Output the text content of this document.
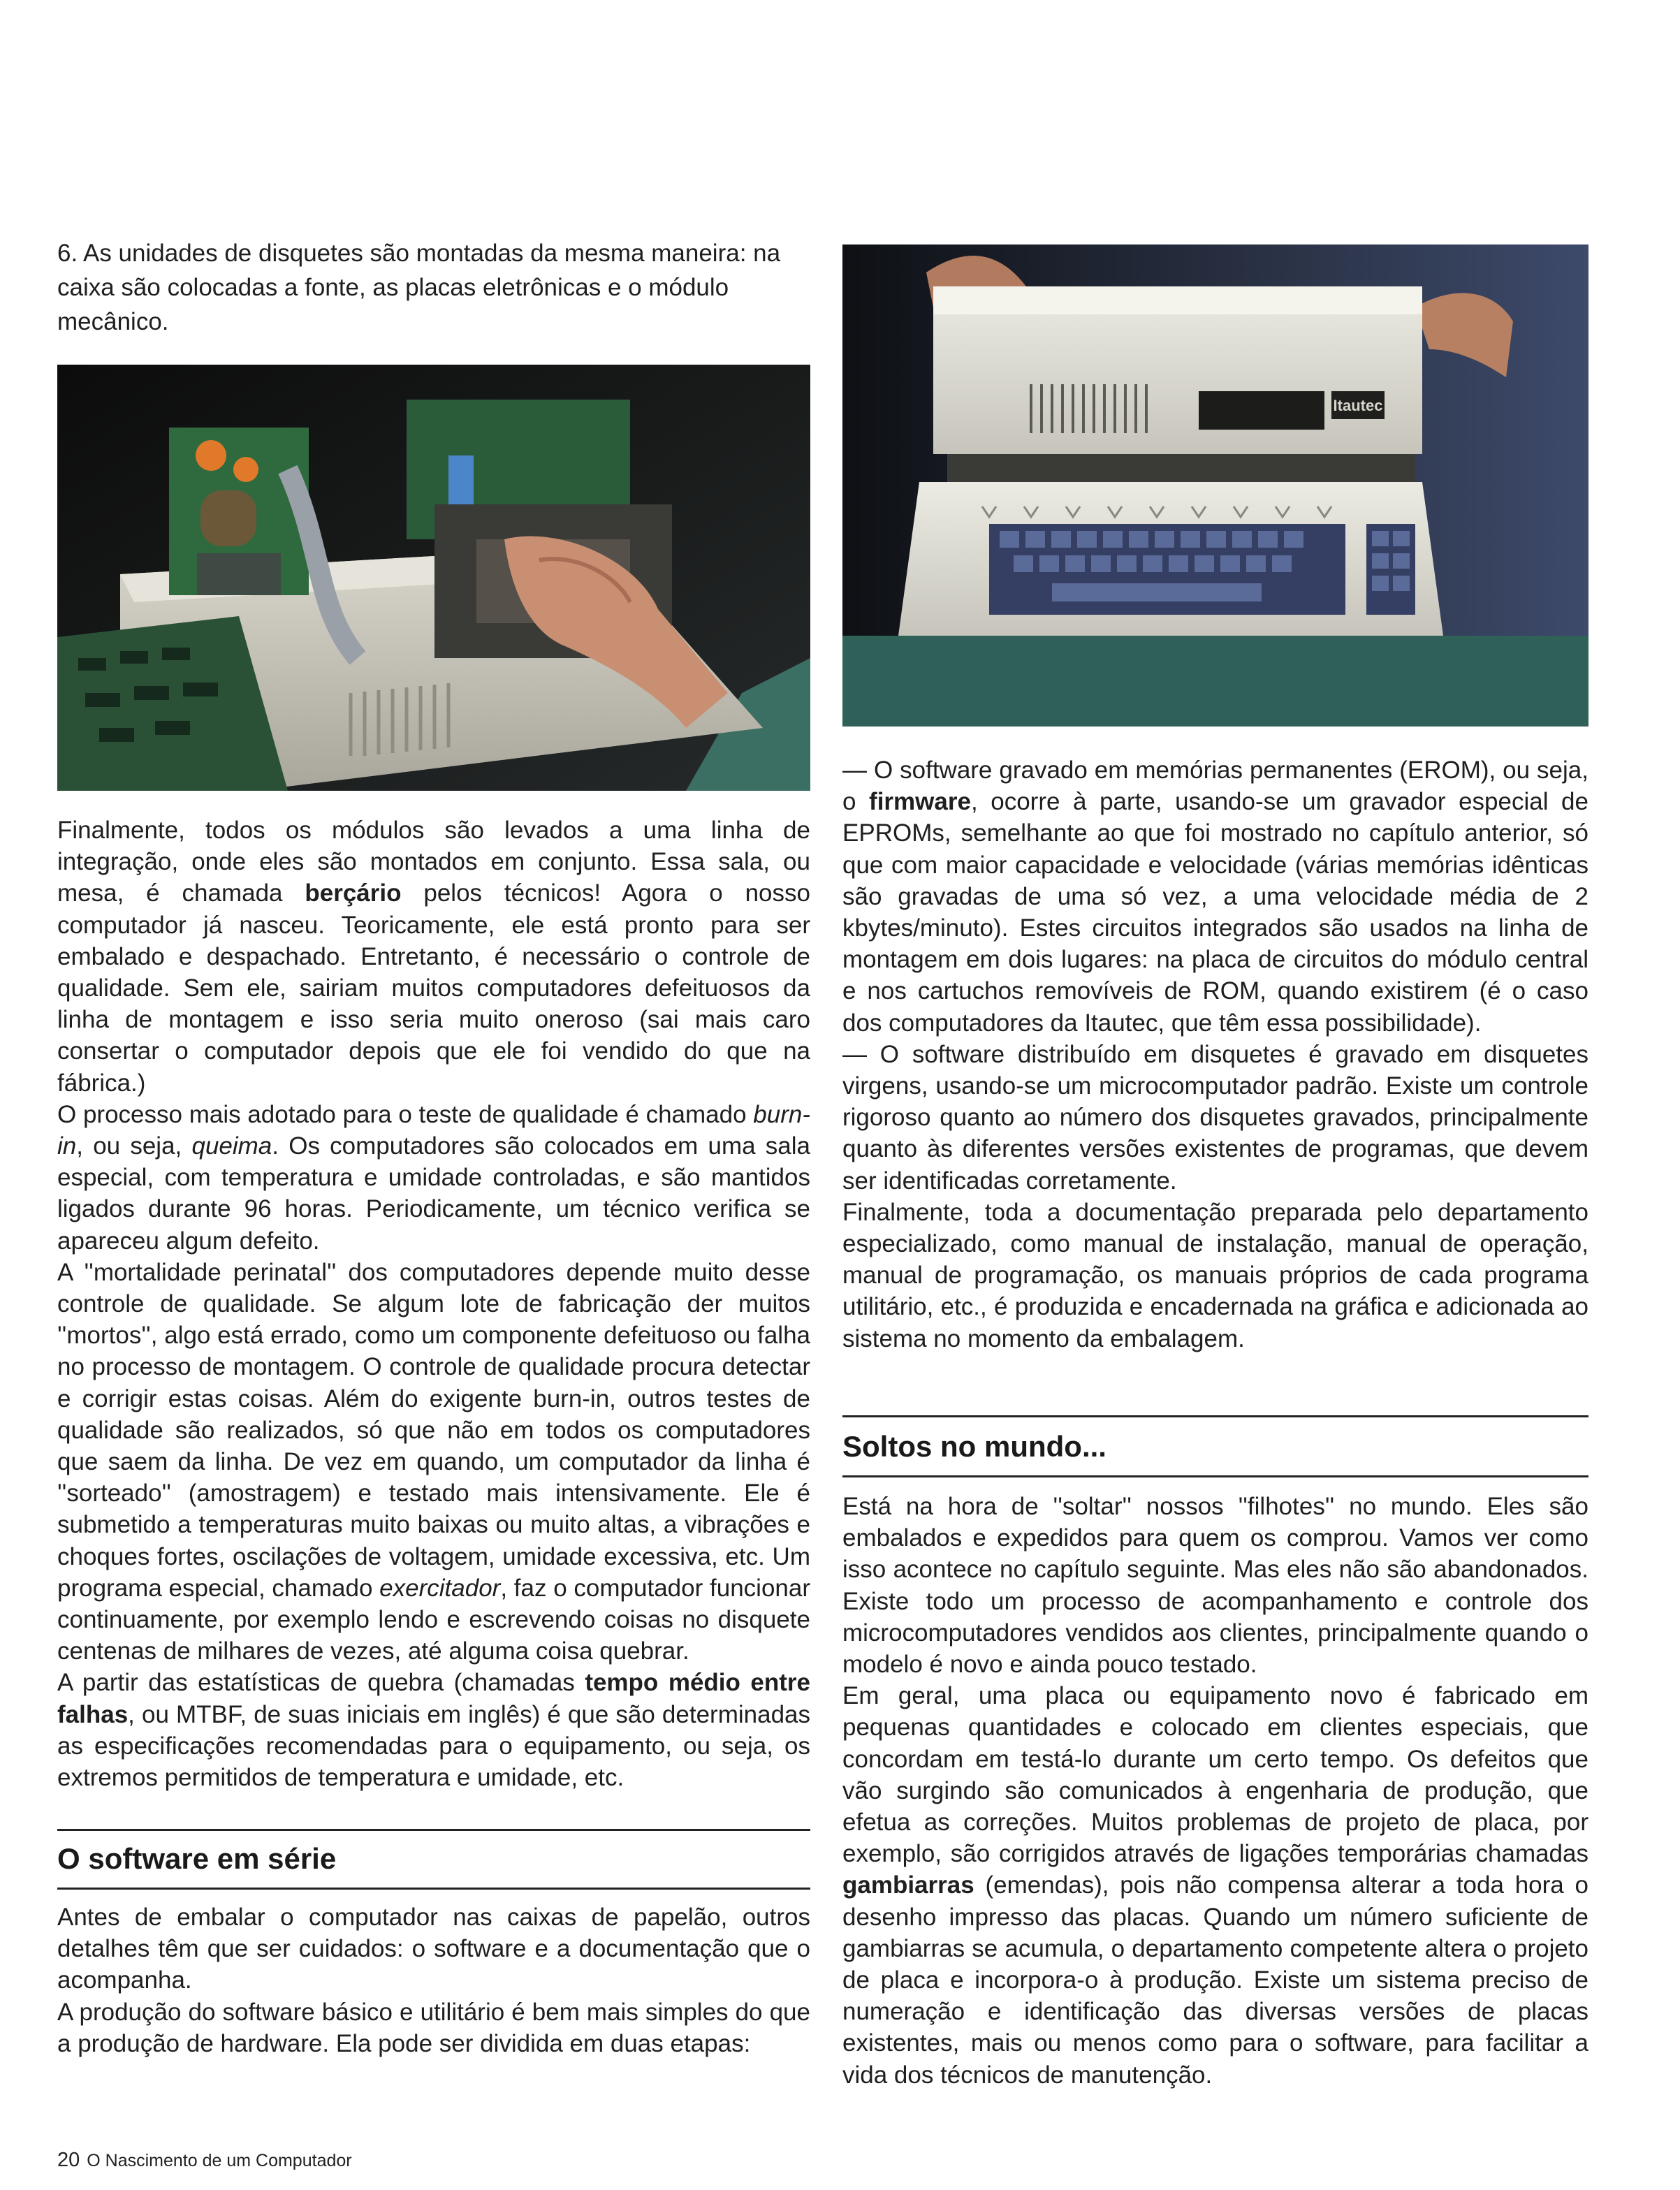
6. As unidades de disquetes são montadas da mesma maneira: na caixa são colocadas a fonte, as placas eletrônicas e o módulo mecânico.
Itautec

Finalmente, todos os módulos são levados a uma linha de integração, onde eles são montados em conjunto. Essa sala, ou mesa, é chamada berçário pelos técnicos! Agora o nosso computador já nasceu. Teoricamente, ele está pronto para ser embalado e despachado. Entretanto, é necessário o controle de qualidade. Sem ele, sairiam muitos computadores defeituosos da linha de montagem e isso seria muito oneroso (sai mais caro consertar o computador depois que ele foi vendido do que na fábrica.)

O processo mais adotado para o teste de qualidade é chamado burn-in, ou seja, queima. Os computadores são colocados em uma sala especial, com temperatura e umidade controladas, e são mantidos ligados durante 96 horas. Periodicamente, um técnico verifica se apareceu algum defeito.

A ''mortalidade perinatal'' dos computadores depende muito desse controle de qualidade. Se algum lote de fabricação der muitos ''mortos'', algo está errado, como um componente defeituoso ou falha no processo de montagem. O controle de qualidade procura detectar e corrigir estas coisas. Além do exigente burn-in, outros testes de qualidade são realizados, só que não em todos os computadores que saem da linha. De vez em quando, um computador da linha é ''sorteado'' (amostragem) e testado mais intensivamente. Ele é submetido a temperaturas muito baixas ou muito altas, a vibrações e choques fortes, oscilações de voltagem, umidade excessiva, etc. Um programa especial, chamado exercitador, faz o computador funcionar continuamente, por exemplo lendo e escrevendo coisas no disquete centenas de milhares de vezes, até alguma coisa quebrar.

A partir das estatísticas de quebra (chamadas tempo médio entre falhas, ou MTBF, de suas iniciais em inglês) é que são determinadas as especificações recomendadas para o equipamento, ou seja, os extremos permitidos de temperatura e umidade, etc.

O software em série

Antes de embalar o computador nas caixas de papelão, outros detalhes têm que ser cuidados: o software e a documentação que o acompanha.

A produção do software básico e utilitário é bem mais simples do que a produção de hardware. Ela pode ser dividida em duas etapas:

— O software gravado em memórias permanentes (EROM), ou seja, o firmware, ocorre à parte, usando-se um gravador especial de EPROMs, semelhante ao que foi mostrado no capítulo anterior, só que com maior capacidade e velocidade (várias memórias idênticas são gravadas de uma só vez, a uma velocidade média de 2 kbytes/minuto). Estes circuitos integrados são usados na linha de montagem em dois lugares: na placa de circuitos do módulo central e nos cartuchos removíveis de ROM, quando existirem (é o caso dos computadores da Itautec, que têm essa possibilidade).

— O software distribuído em disquetes é gravado em disquetes virgens, usando-se um microcomputador padrão. Existe um controle rigoroso quanto ao número dos disquetes gravados, principalmente quanto às diferentes versões existentes de programas, que devem ser identificadas corretamente.

Finalmente, toda a documentação preparada pelo departamento especializado, como manual de instalação, manual de operação, manual de programação, os manuais próprios de cada programa utilitário, etc., é produzida e encadernada na gráfica e adicionada ao sistema no momento da embalagem.

Soltos no mundo...

Está na hora de ''soltar'' nossos ''filhotes'' no mundo. Eles são embalados e expedidos para quem os comprou. Vamos ver como isso acontece no capítulo seguinte. Mas eles não são abandonados. Existe todo um processo de acompanhamento e controle dos microcomputadores vendidos aos clientes, principalmente quando o modelo é novo e ainda pouco testado.

Em geral, uma placa ou equipamento novo é fabricado em pequenas quantidades e colocado em clientes especiais, que concordam em testá-lo durante um certo tempo. Os defeitos que vão surgindo são comunicados à engenharia de produção, que efetua as correções. Muitos problemas de projeto de placa, por exemplo, são corrigidos através de ligações temporárias chamadas gambiarras (emendas), pois não compensa alterar a toda hora o desenho impresso das placas. Quando um número suficiente de gambiarras se acumula, o departamento competente altera o projeto de placa e incorpora-o à produção. Existe um sistema preciso de numeração e identificação das diversas versões de placas existentes, mais ou menos como para o software, para facilitar a vida dos técnicos de manutenção.

20 O Nascimento de um Computador
